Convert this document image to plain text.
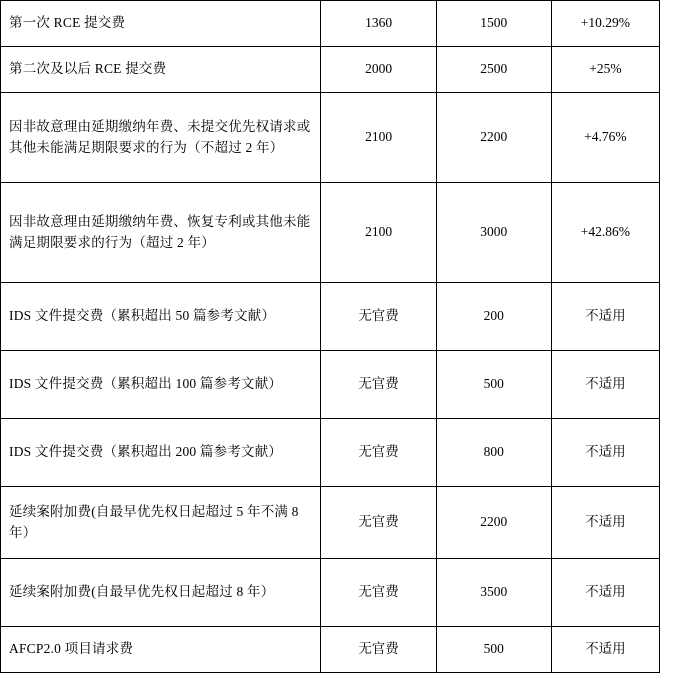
第一次 RCE 提交费	1360	1500	+10.29%
第二次及以后 RCE 提交费	2000	2500	+25%
因非故意理由延期缴纳年费、未提交优先权请求或其他未能满足期限要求的行为（不超过 2 年）	2100	2200	+4.76%
因非故意理由延期缴纳年费、恢复专利或其他未能满足期限要求的行为（超过 2 年）	2100	3000	+42.86%
IDS 文件提交费（累积超出 50 篇参考文献）	无官费	200	不适用
IDS 文件提交费（累积超出 100 篇参考文献）	无官费	500	不适用
IDS 文件提交费（累积超出 200 篇参考文献）	无官费	800	不适用
延续案附加费(自最早优先权日起超过 5 年不满 8 年）	无官费	2200	不适用
延续案附加费(自最早优先权日起超过 8 年）	无官费	3500	不适用
AFCP2.0 项目请求费	无官费	500	不适用
